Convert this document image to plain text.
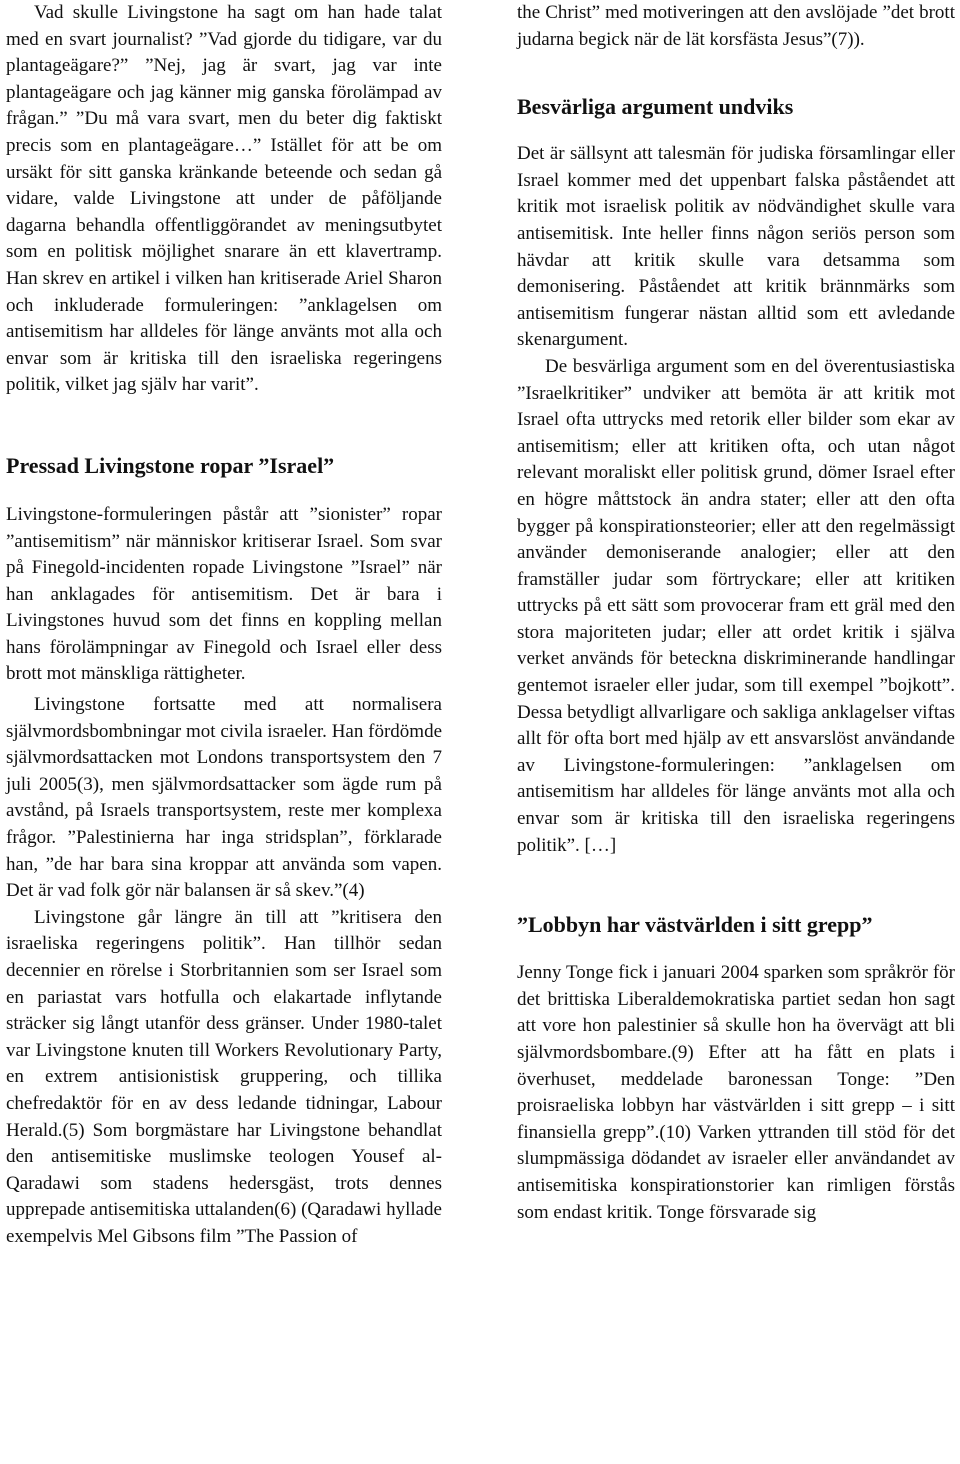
Vad skulle Livingstone ha sagt om han hade talat med en svart journalist? ”Vad gjorde du tidigare, var du plantageägare?” ”Nej, jag är svart, jag var inte plantageägare och jag känner mig ganska förolämpad av frågan.” ”Du må vara svart, men du beter dig faktiskt precis som en plantageägare…” Istället för att be om ursäkt för sitt ganska kränkande beteende och sedan gå vidare, valde Livingstone att under de påföljande dagarna behandla offentliggörandet av meningsutbytet som en politisk möjlighet snarare än ett klavertramp. Han skrev en artikel i vilken han kritiserade Ariel Sharon och inkluderade formuleringen: ”anklagelsen om antisemitism har alldeles för länge använts mot alla och envar som är kritiska till den israeliska regeringens politik, vilket jag själv har varit”.

Pressad Livingstone ropar ”Israel”

Livingstone-formuleringen påstår att ”sionister” ropar ”antisemitism” när människor kritiserar Israel. Som svar på Finegold-incidenten ropade Livingstone ”Israel” när han anklagades för antisemitism. Det är bara i Livingstones huvud som det finns en koppling mellan hans förolämpningar av Finegold och Israel eller dess brott mot mänskliga rättigheter.

Livingstone fortsatte med att normalisera självmordsbombningar mot civila israeler. Han fördömde självmordsattacken mot Londons transportsystem den 7 juli 2005(3), men självmordsattacker som ägde rum på avstånd, på Israels transportsystem, reste mer komplexa frågor. ”Palestinierna har inga stridsplan”, förklarade han, ”de har bara sina kroppar att använda som vapen. Det är vad folk gör när balansen är så skev.”(4)

Livingstone går längre än till att ”kritisera den israeliska regeringens politik”. Han tillhör sedan decennier en rörelse i Storbritannien som ser Israel som en pariastat vars hotfulla och elakartade inflytande sträcker sig långt utanför dess gränser. Under 1980-talet var Livingstone knuten till Workers Revolutionary Party, en extrem antisionistisk gruppering, och tillika chefredaktör för en av dess ledande tidningar, Labour Herald.(5) Som borgmästare har Livingstone behandlat den antisemitiske muslimske teologen Yousef al-Qaradawi som stadens hedersgäst, trots dennes upprepade antisemitiska uttalanden(6) (Qaradawi hyllade exempelvis Mel Gibsons film ”The Passion of

the Christ” med motiveringen att den avslöjade ”det brott judarna begick när de lät korsfästa Jesus”(7)).

Besvärliga argument undviks

Det är sällsynt att talesmän för judiska församlingar eller Israel kommer med det uppenbart falska påståendet att kritik mot israelisk politik av nödvändighet skulle vara antisemitisk. Inte heller finns någon seriös person som hävdar att kritik skulle vara detsamma som demonisering. Påståendet att kritik brännmärks som antisemitism fungerar nästan alltid som ett avledande skenargument.

De besvärliga argument som en del överentusiastiska ”Israelkritiker” undviker att bemöta är att kritik mot Israel ofta uttrycks med retorik eller bilder som ekar av antisemitism; eller att kritiken ofta, och utan något relevant moraliskt eller politisk grund, dömer Israel efter en högre måttstock än andra stater; eller att den ofta bygger på konspirationsteorier; eller att den regelmässigt använder demoniserande analogier; eller att den framställer judar som förtryckare; eller att kritiken uttrycks på ett sätt som provocerar fram ett gräl med den stora majoriteten judar; eller att ordet kritik i själva verket används för beteckna diskriminerande handlingar gentemot israeler eller judar, som till exempel ”bojkott”. Dessa betydligt allvarligare och sakliga anklagelser viftas allt för ofta bort med hjälp av ett ansvarslöst användande av Livingstone-formuleringen: ”anklagelsen om antisemitism har alldeles för länge använts mot alla och envar som är kritiska till den israeliska regeringens politik”. […]

”Lobbyn har västvärlden i sitt grepp”

Jenny Tonge fick i januari 2004 sparken som språkrör för det brittiska Liberaldemokratiska partiet sedan hon sagt att vore hon palestinier så skulle hon ha övervägt att bli självmordsbombare.(9) Efter att ha fått en plats i överhuset, meddelade baronessan Tonge: ”Den proisraeliska lobbyn har västvärlden i sitt grepp – i sitt finansiella grepp”.(10) Varken yttranden till stöd för det slumpmässiga dödandet av israeler eller användandet av antisemitiska konspirationstorier kan rimligen förstås som endast kritik. Tonge försvarade sig
